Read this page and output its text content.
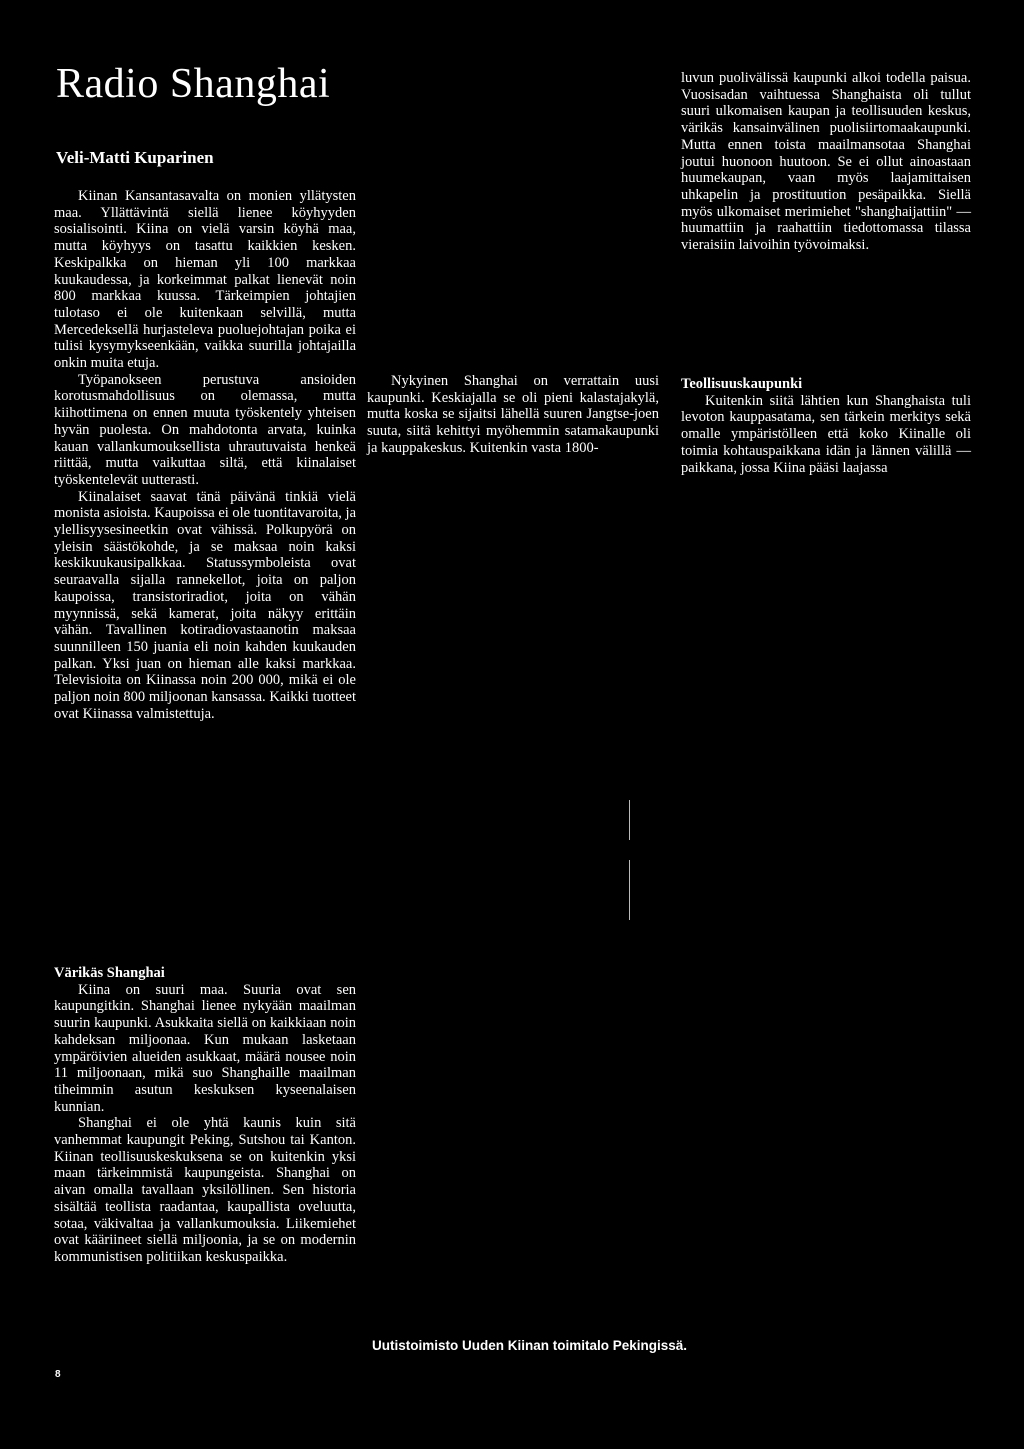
Radio Shanghai
Veli-Matti Kuparinen

Kiinan Kansantasavalta on monien yllätysten maa. Yllättävintä siellä lienee köyhyyden sosialisointi. Kiina on vielä varsin köyhä maa, mutta köyhyys on tasattu kaikkien kesken. Keskipalkka on hieman yli 100 markkaa kuukaudessa, ja korkeimmat palkat lienevät noin 800 markkaa kuussa. Tärkeimpien johtajien tulotaso ei ole kuitenkaan selvillä, mutta Mercedeksellä hurjasteleva puoluejohtajan poika ei tulisi kysymykseenkään, vaikka suurilla johtajailla onkin muita etuja.

Työpanokseen perustuva ansioiden korotusmahdollisuus on olemassa, mutta kiihottimena on ennen muuta työskentely yhteisen hyvän puolesta. On mahdotonta arvata, kuinka kauan vallankumouksellista uhrautuvaista henkeä riittää, mutta vaikuttaa siltä, että kiinalaiset työskentelevät uutterasti.

Kiinalaiset saavat tänä päivänä tinkiä vielä monista asioista. Kaupoissa ei ole tuontitavaroita, ja ylellisyysesineetkin ovat vähissä. Polkupyörä on yleisin säästökohde, ja se maksaa noin kaksi keskikuukausipalkkaa. Statussymboleista ovat seuraavalla sijalla rannekellot, joita on paljon kaupoissa, transistoriradiot, joita on vähän myynnissä, sekä kamerat, joita näkyy erittäin vähän. Tavallinen kotiradiovastaanotin maksaa suunnilleen 150 juania eli noin kahden kuukauden palkan. Yksi juan on hieman alle kaksi markkaa. Televisioita on Kiinassa noin 200 000, mikä ei ole paljon noin 800 miljoonan kansassa. Kaikki tuotteet ovat Kiinassa valmistettuja.

Värikäs Shanghai

Kiina on suuri maa. Suuria ovat sen kaupungitkin. Shanghai lienee nykyään maailman suurin kaupunki. Asukkaita siellä on kaikkiaan noin kahdeksan miljoonaa. Kun mukaan lasketaan ympäröivien alueiden asukkaat, määrä nousee noin 11 miljoonaan, mikä suo Shanghaille maailman tiheimmin asutun keskuksen kyseenalaisen kunnian.

Shanghai ei ole yhtä kaunis kuin sitä vanhemmat kaupungit Peking, Sutshou tai Kanton. Kiinan teollisuuskeskuksena se on kuitenkin yksi maan tärkeimmistä kaupungeista. Shanghai on aivan omalla tavallaan yksilöllinen. Sen historia sisältää teollista raadantaa, kaupallista oveluutta, sotaa, väkivaltaa ja vallankumouksia. Liikemiehet ovat kääriineet siellä miljoonia, ja se on modernin kommunistisen politiikan keskuspaikka.

Nykyinen Shanghai on verrattain uusi kaupunki. Keskiajalla se oli pieni kalastajakylä, mutta koska se sijaitsi lähellä suuren Jangtse-joen suuta, siitä kehittyi myöhemmin satamakaupunki ja kauppakeskus. Kuitenkin vasta 1800-

luvun puolivälissä kaupunki alkoi todella paisua. Vuosisadan vaihtuessa Shanghaista oli tullut suuri ulkomaisen kaupan ja teollisuuden keskus, värikäs kansainvälinen puolisiirtomaakaupunki. Mutta ennen toista maailmansotaa Shanghai joutui huonoon huutoon. Se ei ollut ainoastaan huumekaupan, vaan myös laajamittaisen uhkapelin ja prostituution pesäpaikka. Siellä myös ulkomaiset merimiehet "shanghaijattiin" — huumattiin ja raahattiin tiedottomassa tilassa vieraisiin laivoihin työvoimaksi.

Teollisuuskaupunki

Kuitenkin siitä lähtien kun Shanghaista tuli levoton kauppasatama, sen tärkein merkitys sekä omalle ympäristölleen että koko Kiinalle oli toimia kohtauspaikkana idän ja lännen välillä — paikkana, jossa Kiina pääsi laajassa

Uutistoimisto Uuden Kiinan toimitalo Pekingissä.
8
